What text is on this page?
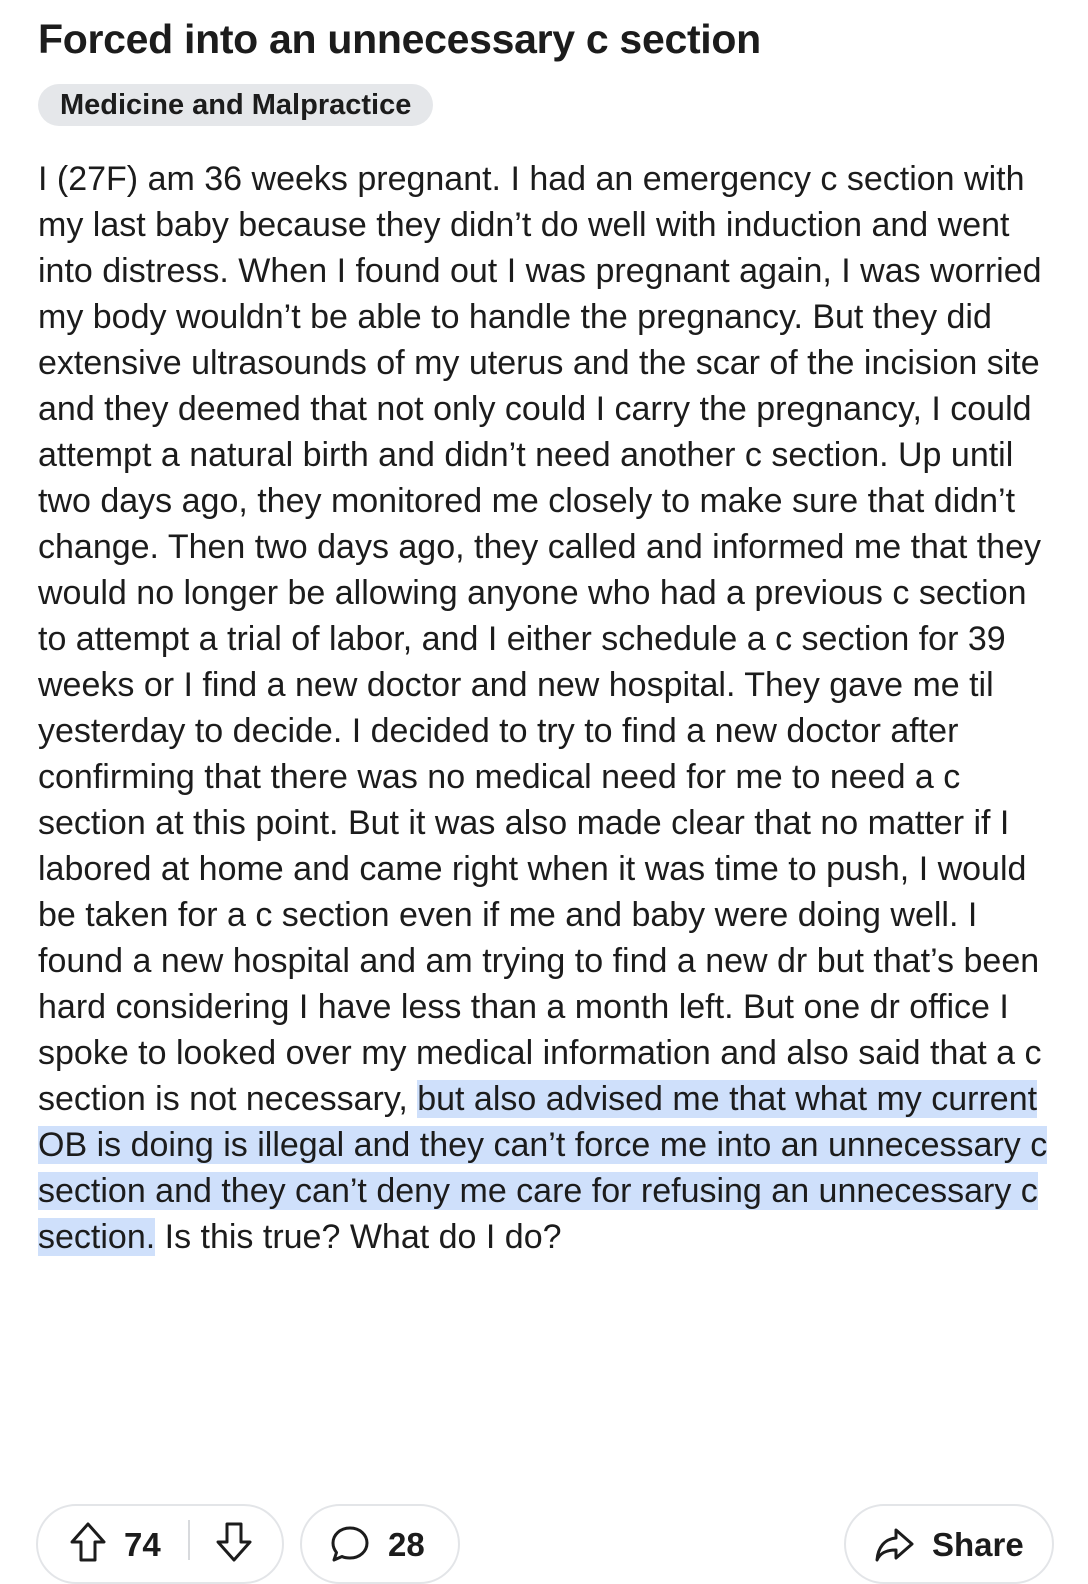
Forced into an unnecessary c section
Medicine and Malpractice
I (27F) am 36 weeks pregnant. I had an emergency c section with my last baby because they didn’t do well with induction and went into distress. When I found out I was pregnant again, I was worried my body wouldn’t be able to handle the pregnancy. But they did extensive ultrasounds of my uterus and the scar of the incision site and they deemed that not only could I carry the pregnancy, I could attempt a natural birth and didn’t need another c section. Up until two days ago, they monitored me closely to make sure that didn’t change. Then two days ago, they called and informed me that they would no longer be allowing anyone who had a previous c section to attempt a trial of labor, and I either schedule a c section for 39 weeks or I find a new doctor and new hospital. They gave me til yesterday to decide. I decided to try to find a new doctor after confirming that there was no medical need for me to need a c section at this point. But it was also made clear that no matter if I labored at home and came right when it was time to push, I would be taken for a c section even if me and baby were doing well. I found a new hospital and am trying to find a new dr but that’s been hard considering I have less than a month left. But one dr office I spoke to looked over my medical information and also said that a c section is not necessary, but also advised me that what my current OB is doing is illegal and they can’t force me into an unnecessary c section and they can’t deny me care for refusing an unnecessary c section. Is this true? What do I do?
74	28	Share
